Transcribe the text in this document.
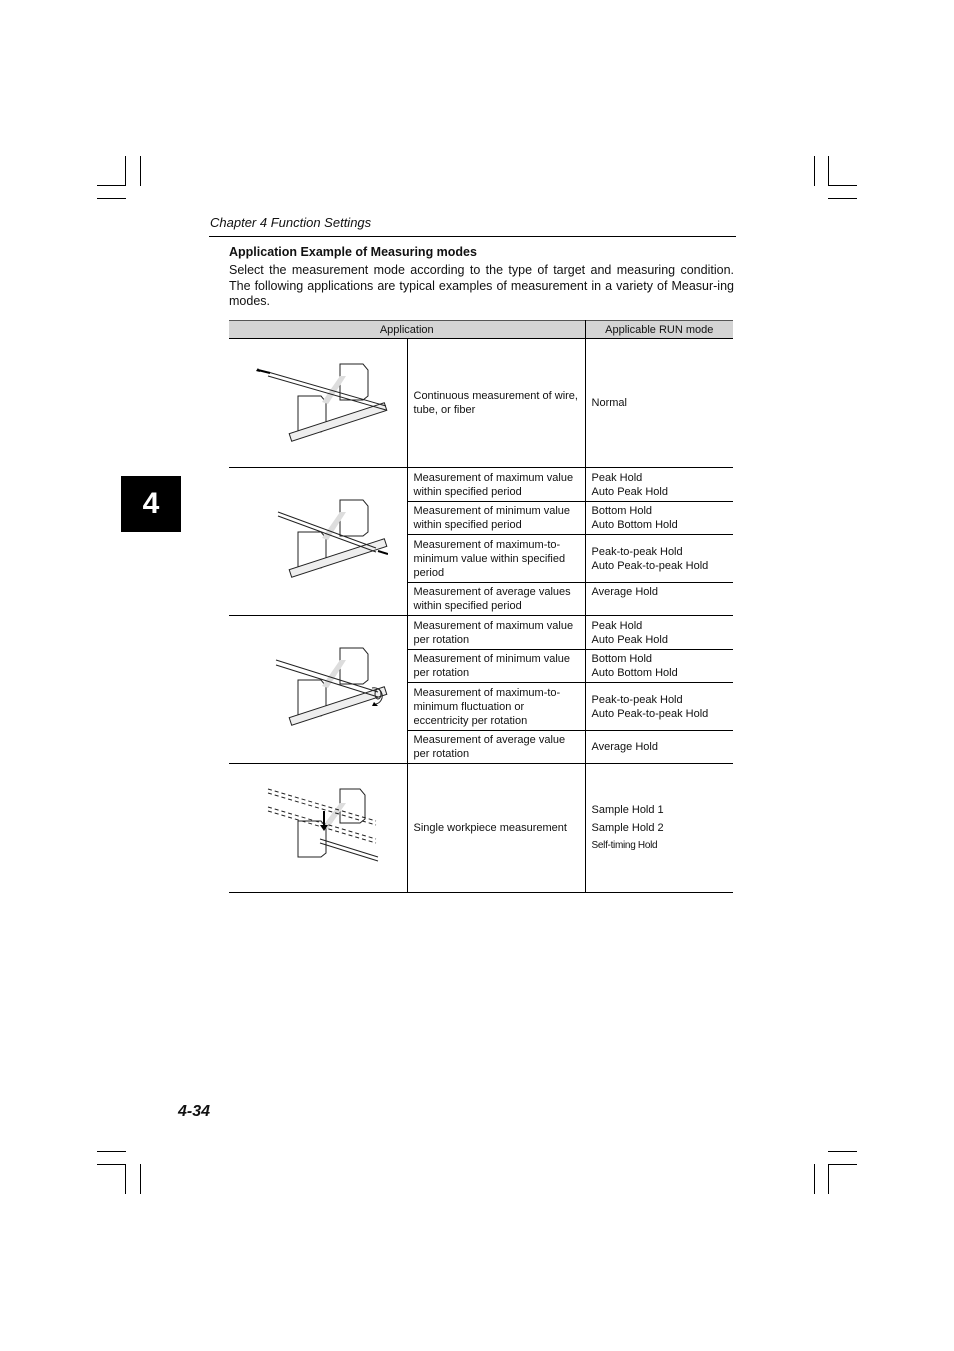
Chapter 4 Function Settings
Application Example of Measuring modes
Select the measurement mode according to the type of target and measuring condition. The following applications are typical examples of measurement in a variety of Measur-ing modes.
4
Application		Applicable RUN mode

	Continuous measurement of wire, tube, or fiber	Normal

	Measurement of maximum value within specified period	Peak Hold
Auto Peak Hold

	Measurement of minimum value within specified period	Bottom Hold
Auto Bottom Hold

	Measurement of maximum-to-minimum value within specified period	Peak-to-peak Hold
Auto Peak-to-peak Hold

	Measurement of average values within specified period	Average Hold

	Measurement of maximum value per rotation	Peak Hold
Auto Peak Hold

	Measurement of minimum value per rotation	Bottom Hold
Auto Bottom Hold

	Measurement of maximum-to-minimum fluctuation or eccentricity per rotation	Peak-to-peak Hold
Auto Peak-to-peak Hold

	Measurement of average value per rotation	Average Hold

	Single workpiece measurement	Sample Hold 1
Sample Hold 2
Self-timing Hold
4-34
